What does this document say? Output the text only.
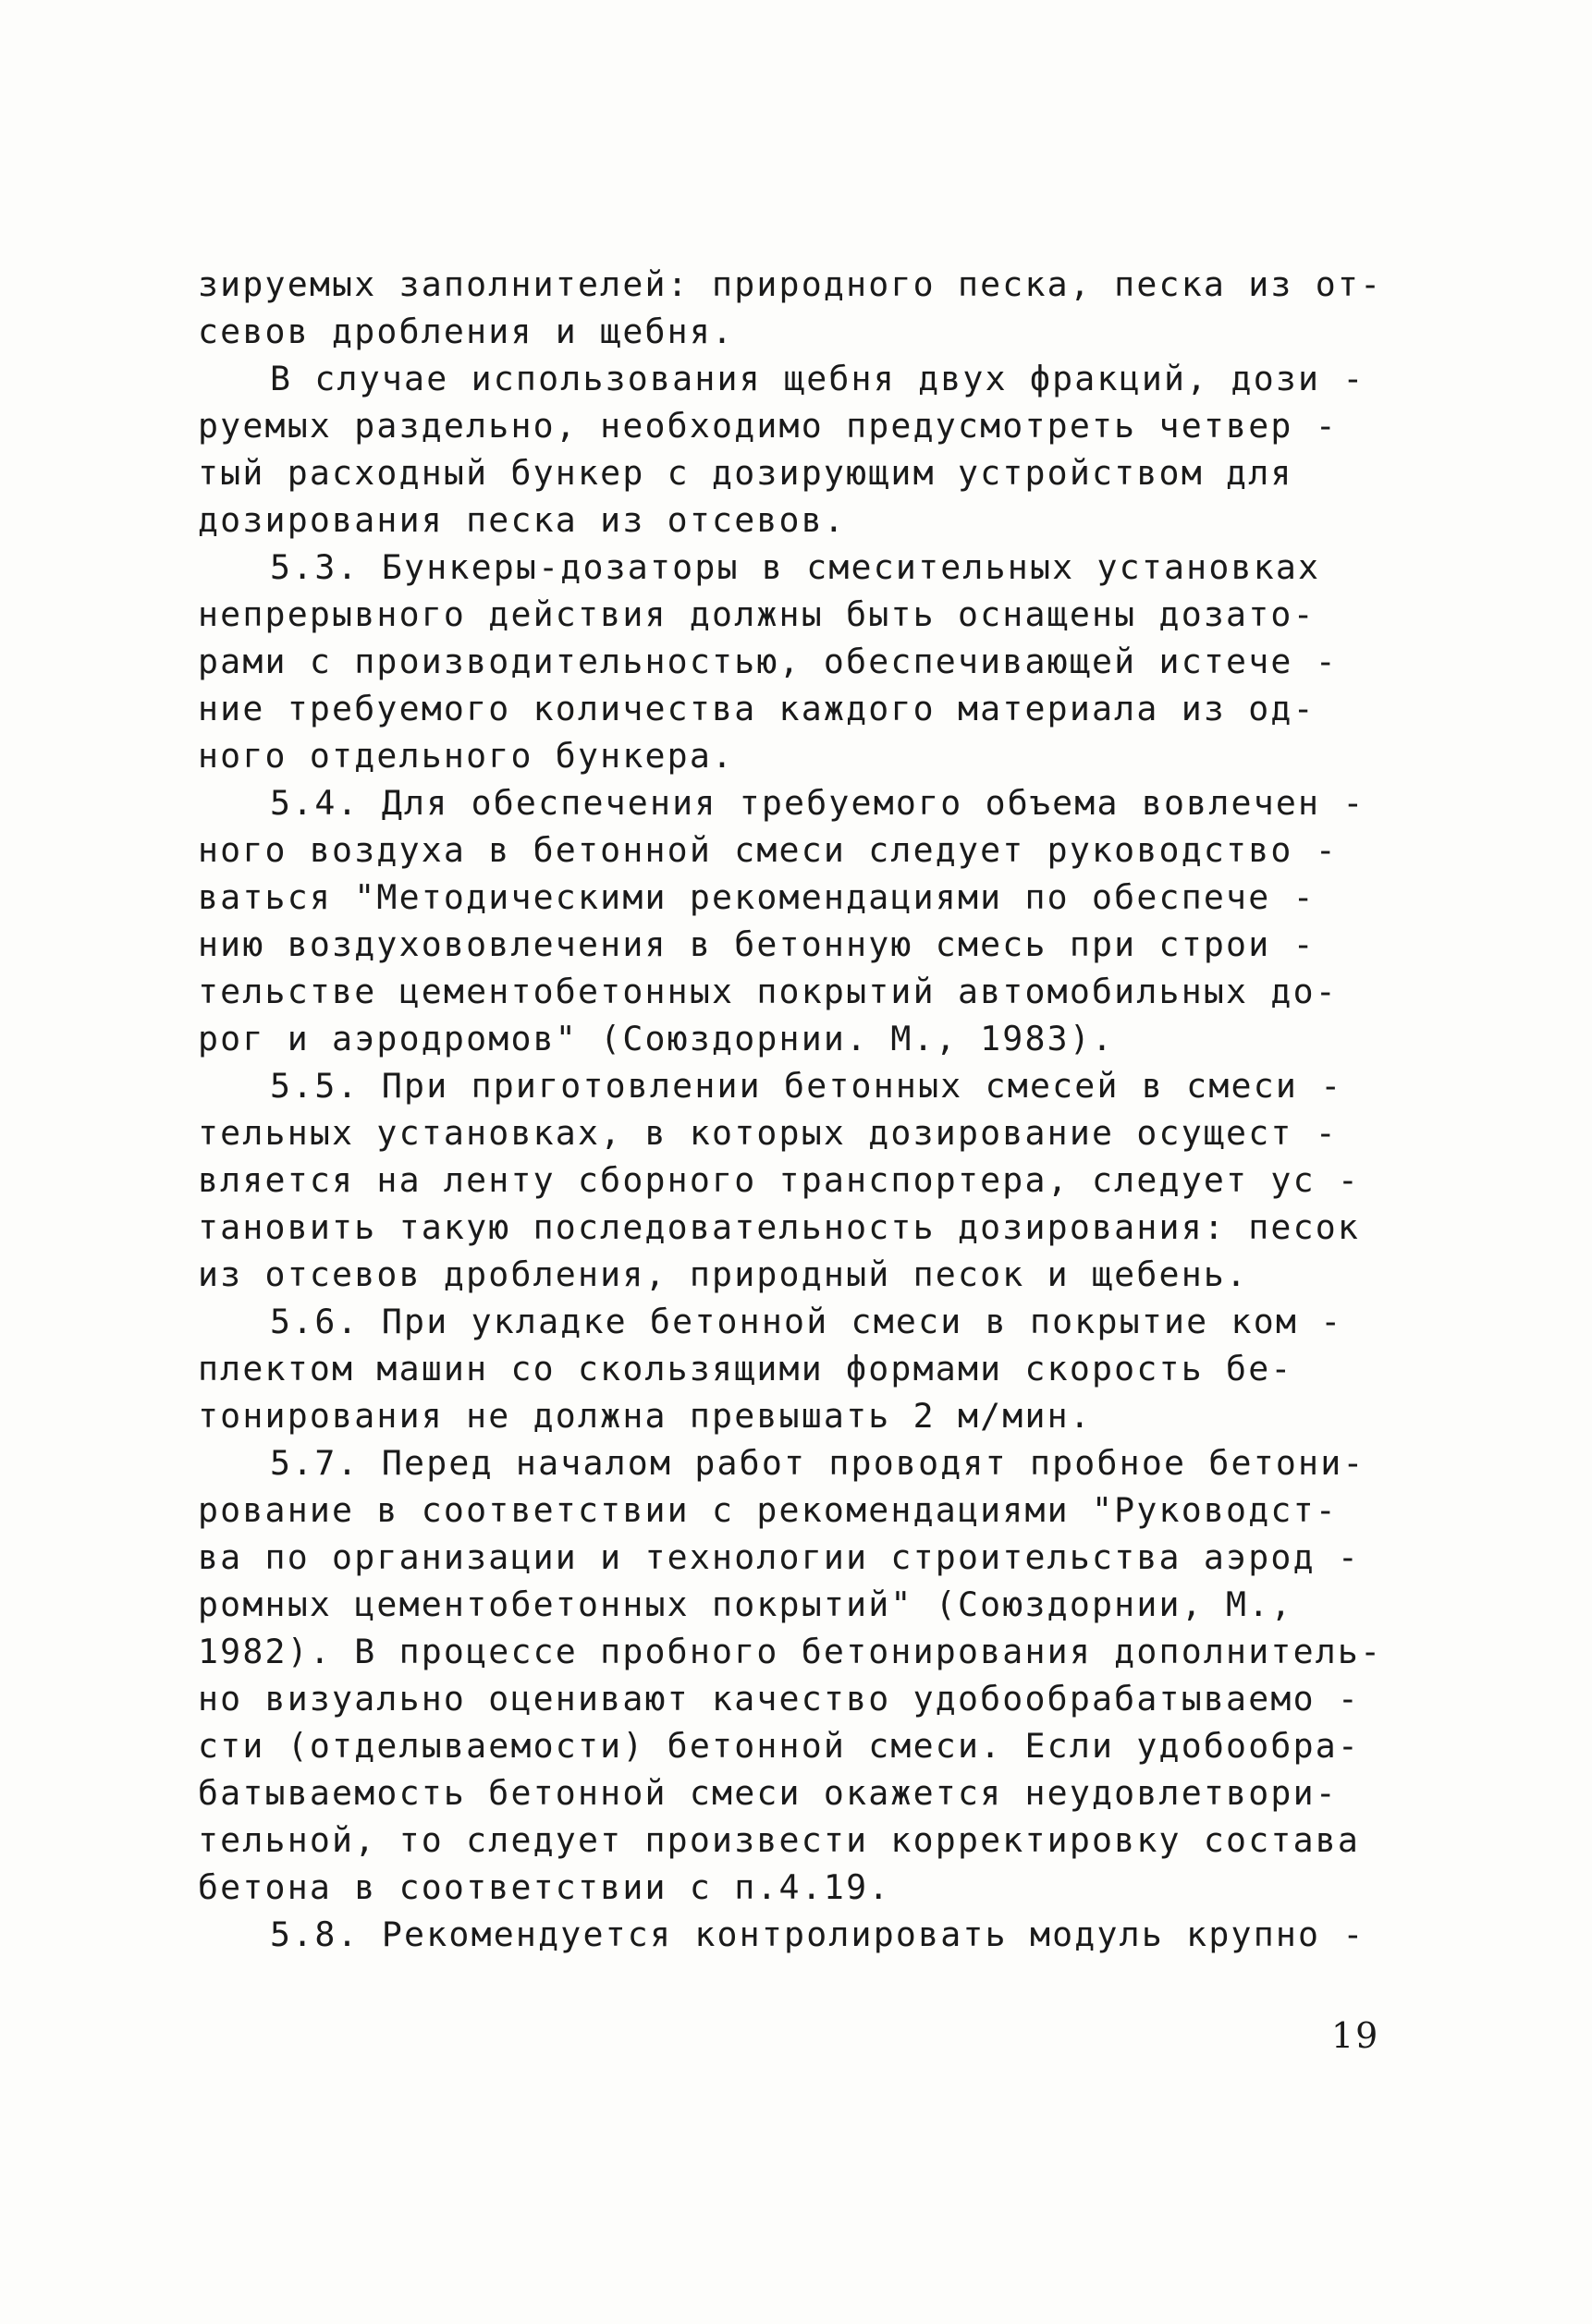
зируемых заполнителей: природного песка, песка из от-
севов дробления и щебня.
В случае использования щебня двух фракций, дози -
руемых раздельно, необходимо предусмотреть четвер -
тый расходный бункер с дозирующим устройством для
дозирования песка из отсевов.
5.3. Бункеры-дозаторы в смесительных установках
непрерывного действия должны быть оснащены дозато-
рами с производительностью, обеспечивающей истече -
ние требуемого количества каждого материала из од-
ного отдельного бункера.
5.4. Для обеспечения требуемого объема вовлечен -
ного воздуха в бетонной смеси следует руководство -
ваться "Методическими рекомендациями по обеспече -
нию воздухововлечения в бетонную смесь при строи -
тельстве цементобетонных покрытий автомобильных до-
рог и аэродромов" (Союздорнии. М., 1983).
5.5. При приготовлении бетонных смесей в смеси -
тельных установках, в которых дозирование осущест -
вляется на ленту сборного транспортера, следует ус -
тановить такую последовательность дозирования: песок
из отсевов дробления, природный песок и щебень.
5.6. При укладке бетонной смеси в покрытие ком -
плектом машин со скользящими формами скорость бе-
тонирования не должна превышать 2 м/мин.
5.7. Перед началом работ проводят пробное бетони-
рование в соответствии с рекомендациями "Руководст-
ва по организации и технологии строительства аэрод -
ромных цементобетонных покрытий" (Союздорнии, М.,
1982). В процессе пробного бетонирования дополнитель-
но визуально оценивают качество удобообрабатываемо -
сти (отделываемости) бетонной смеси. Если удобообра-
батываемость бетонной смеси окажется неудовлетвори-
тельной, то следует произвести корректировку состава
бетона в соответствии с п.4.19.
5.8. Рекомендуется контролировать модуль крупно -
19
